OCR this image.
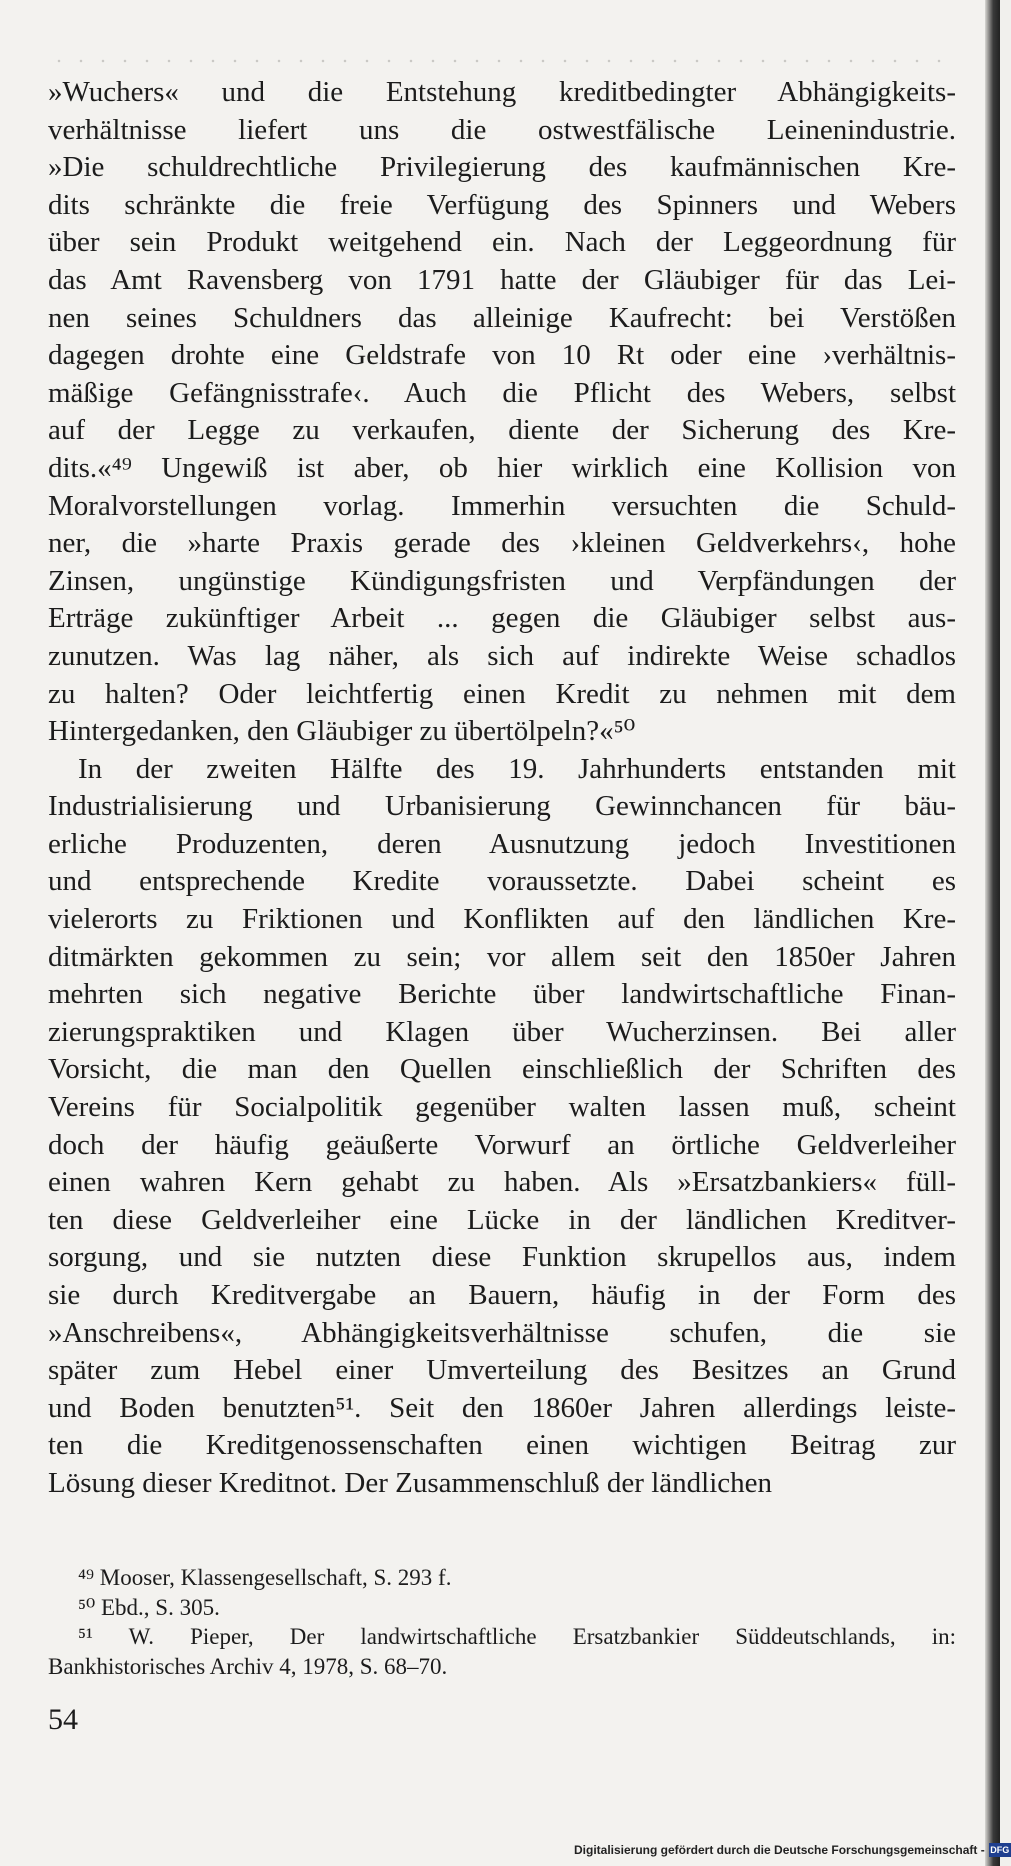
»Wuchers« und die Entstehung kreditbedingter Abhängigkeits-
verhältnisse liefert uns die ostwestfälische Leinenindustrie.
»Die schuldrechtliche Privilegierung des kaufmännischen Kre-
dits schränkte die freie Verfügung des Spinners und Webers
über sein Produkt weitgehend ein. Nach der Leggeordnung für
das Amt Ravensberg von 1791 hatte der Gläubiger für das Lei-
nen seines Schuldners das alleinige Kaufrecht: bei Verstößen
dagegen drohte eine Geldstrafe von 10 Rt oder eine ›verhältnis-
mäßige Gefängnisstrafe‹. Auch die Pflicht des Webers, selbst
auf der Legge zu verkaufen, diente der Sicherung des Kre-
dits.«⁴⁹ Ungewiß ist aber, ob hier wirklich eine Kollision von
Moralvorstellungen vorlag. Immerhin versuchten die Schuld-
ner, die »harte Praxis gerade des ›kleinen Geldverkehrs‹, hohe
Zinsen, ungünstige Kündigungsfristen und Verpfändungen der
Erträge zukünftiger Arbeit ... gegen die Gläubiger selbst aus-
zunutzen. Was lag näher, als sich auf indirekte Weise schadlos
zu halten? Oder leichtfertig einen Kredit zu nehmen mit dem
Hintergedanken, den Gläubiger zu übertölpeln?«⁵⁰
In der zweiten Hälfte des 19. Jahrhunderts entstanden mit
Industrialisierung und Urbanisierung Gewinnchancen für bäu-
erliche Produzenten, deren Ausnutzung jedoch Investitionen
und entsprechende Kredite voraussetzte. Dabei scheint es
vielerorts zu Friktionen und Konflikten auf den ländlichen Kre-
ditmärkten gekommen zu sein; vor allem seit den 1850er Jahren
mehrten sich negative Berichte über landwirtschaftliche Finan-
zierungspraktiken und Klagen über Wucherzinsen. Bei aller
Vorsicht, die man den Quellen einschließlich der Schriften des
Vereins für Socialpolitik gegenüber walten lassen muß, scheint
doch der häufig geäußerte Vorwurf an örtliche Geldverleiher
einen wahren Kern gehabt zu haben. Als »Ersatzbankiers« füll-
ten diese Geldverleiher eine Lücke in der ländlichen Kreditver-
sorgung, und sie nutzten diese Funktion skrupellos aus, indem
sie durch Kreditvergabe an Bauern, häufig in der Form des
»Anschreibens«, Abhängigkeitsverhältnisse schufen, die sie
später zum Hebel einer Umverteilung des Besitzes an Grund
und Boden benutzten⁵¹. Seit den 1860er Jahren allerdings leiste-
ten die Kreditgenossenschaften einen wichtigen Beitrag zur
Lösung dieser Kreditnot. Der Zusammenschluß der ländlichen
⁴⁹ Mooser, Klassengesellschaft, S. 293 f.
⁵⁰ Ebd., S. 305.
⁵¹ W. Pieper, Der landwirtschaftliche Ersatzbankier Süddeutschlands, in:
Bankhistorisches Archiv 4, 1978, S. 68–70.
54
Digitalisierung gefördert durch die Deutsche Forschungsgemeinschaft - DFG
